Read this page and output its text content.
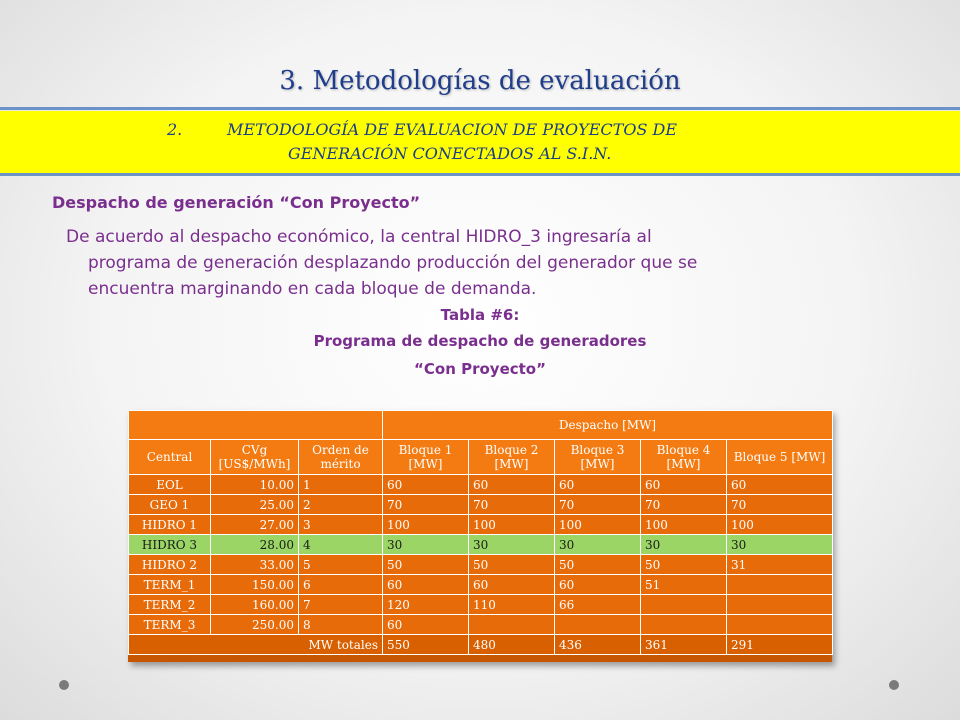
3. Metodologías de evaluación
2.	METODOLOGÍA DE EVALUACION DE PROYECTOS DE
GENERACIÓN CONECTADOS AL S.I.N.
Despacho de generación “Con Proyecto”
De acuerdo al despacho económico, la central HIDRO_3 ingresaría al
programa de generación desplazando producción del generador que se
encuentra marginando en cada bloque de demanda.
Tabla #6:
Programa de despacho de generadores
“Con Proyecto”
			Despacho [MW]				
Central	CVg [US$/MWh]	Orden de mérito	Bloque 1 [MW]	Bloque 2 [MW]	Bloque 3 [MW]	Bloque 4 [MW]	Bloque 5 [MW]
EOL	10.00	1	60	60	60	60	60
GEO 1	25.00	2	70	70	70	70	70
HIDRO 1	27.00	3	100	100	100	100	100
HIDRO 3	28.00	4	30	30	30	30	30
HIDRO 2	33.00	5	50	50	50	50	31
TERM_1	150.00	6	60	60	60	51	
TERM_2	160.00	7	120	110	66		
TERM_3	250.00	8	60				
MW totales			550	480	436	361	291
